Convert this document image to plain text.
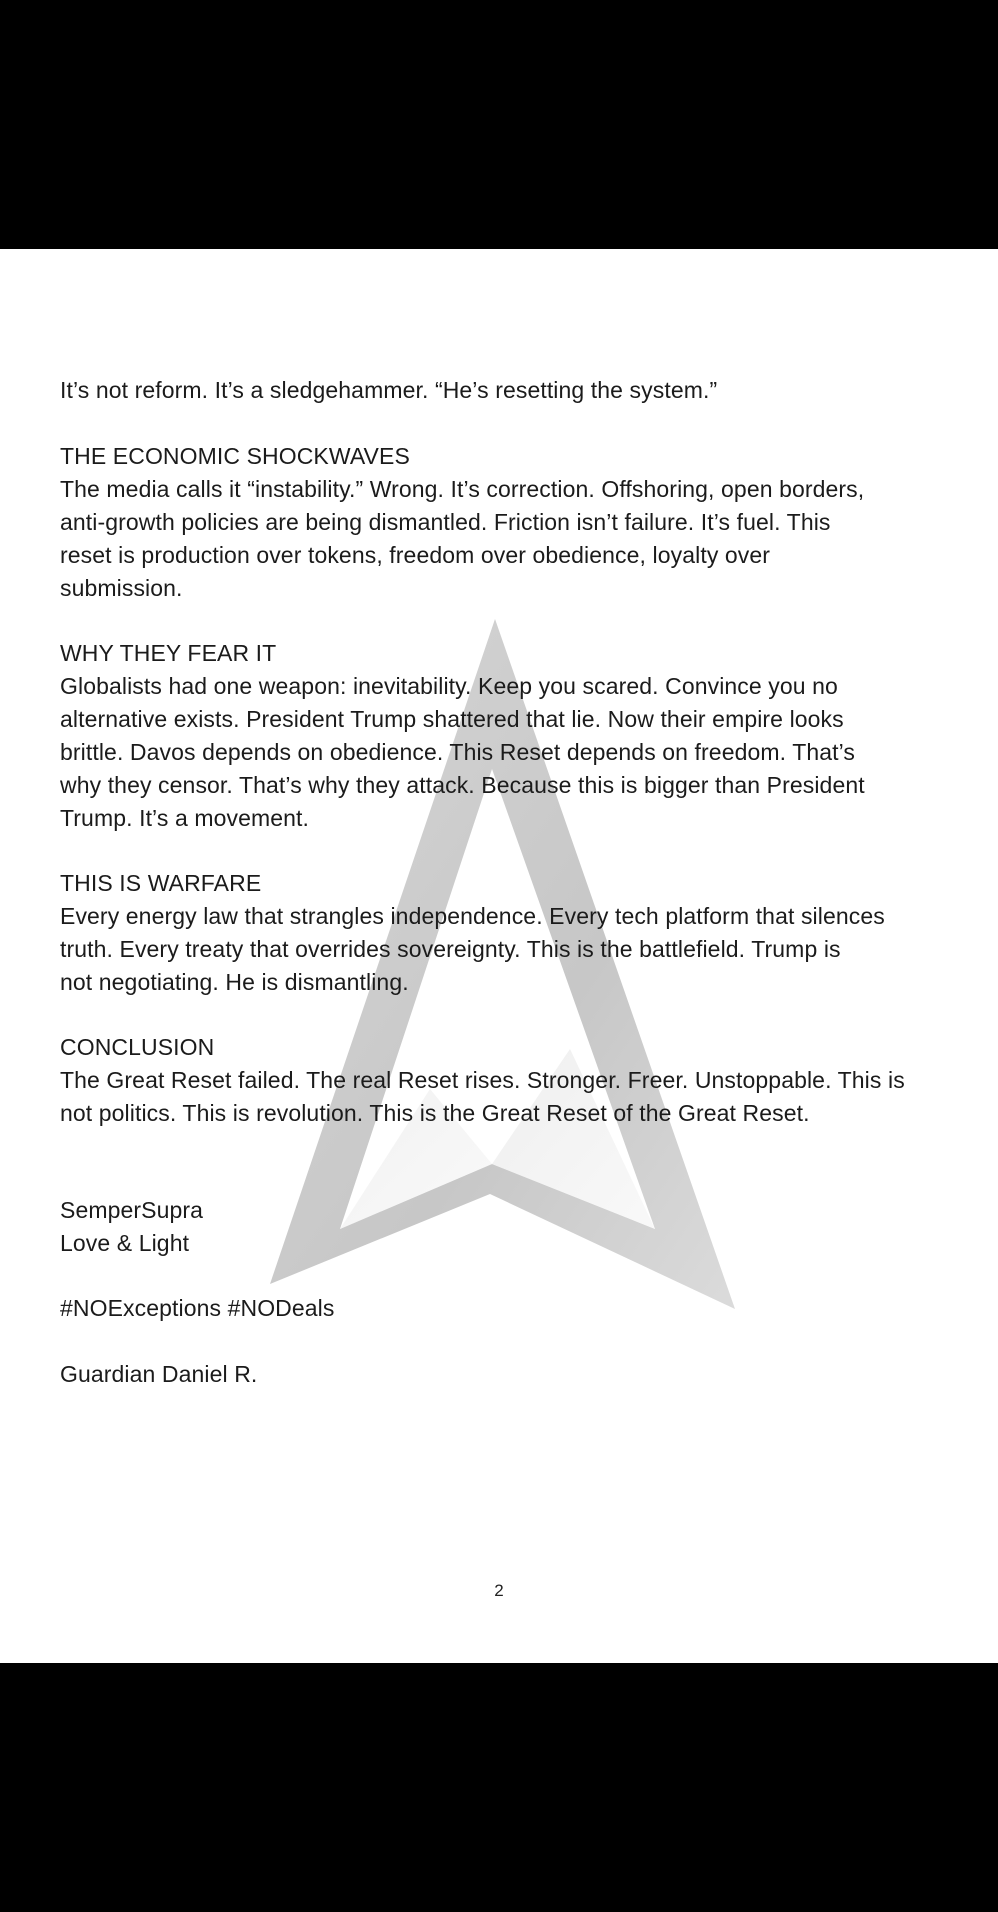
It’s not reform. It’s a sledgehammer. “He’s resetting the system.”

THE ECONOMIC SHOCKWAVES

The media calls it “instability.” Wrong. It’s correction. Offshoring, open borders,
anti-growth policies are being dismantled. Friction isn’t failure. It’s fuel. This
reset is production over tokens, freedom over obedience, loyalty over
submission.

WHY THEY FEAR IT

Globalists had one weapon: inevitability. Keep you scared. Convince you no
alternative exists. President Trump shattered that lie. Now their empire looks
brittle. Davos depends on obedience. This Reset depends on freedom. That’s
why they censor. That’s why they attack. Because this is bigger than President
Trump. It’s a movement.

THIS IS WARFARE

Every energy law that strangles independence. Every tech platform that silences
truth. Every treaty that overrides sovereignty. This is the battlefield. Trump is
not negotiating. He is dismantling.

CONCLUSION

The Great Reset failed. The real Reset rises. Stronger. Freer. Unstoppable. This is
not politics. This is revolution. This is the Great Reset of the Great Reset.

SemperSupra

Love & Light

#NOExceptions #NODeals

Guardian Daniel R.

2
